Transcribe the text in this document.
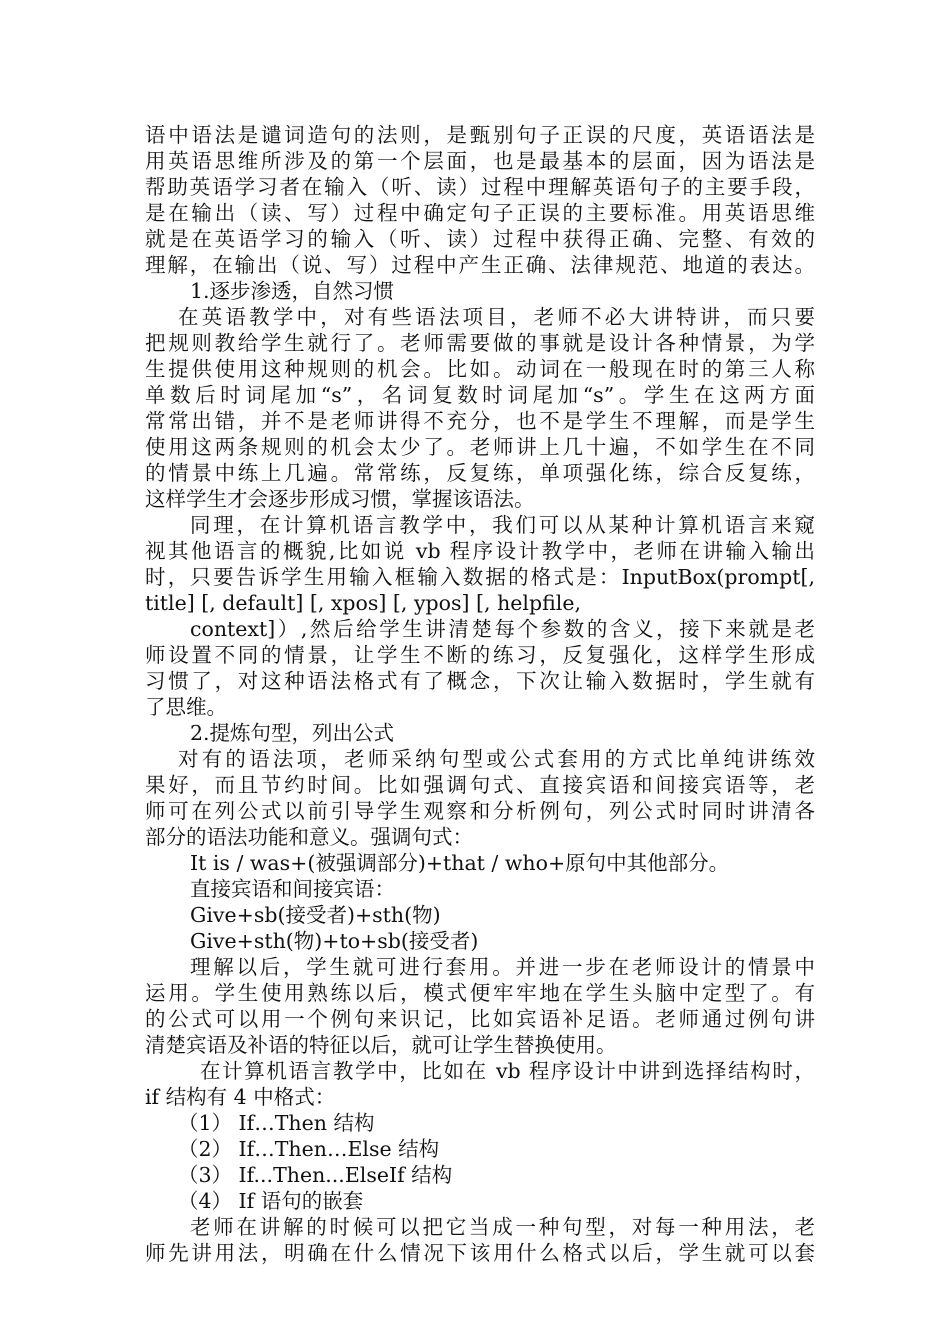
语中语法是谴词造句的法则，是甄别句子正误的尺度，英语语法是
用英语思维所涉及的第一个层面，也是最基本的层面，因为语法是
帮助英语学习者在输入（听、读）过程中理解英语句子的主要手段，
是在输出（读、写）过程中确定句子正误的主要标准。用英语思维
就是在英语学习的输入（听、读）过程中获得正确、完整、有效的
理解，在输出（说、写）过程中产生正确、法律规范、地道的表达。
1.逐步渗透，自然习惯
在英语教学中，对有些语法项目，老师不必大讲特讲，而只要
把规则教给学生就行了。老师需要做的事就是设计各种情景，为学
生提供使用这种规则的机会。比如。动词在一般现在时的第三人称
单数后时词尾加“s”，名词复数时词尾加“s”。学生在这两方面
常常出错，并不是老师讲得不充分，也不是学生不理解，而是学生
使用这两条规则的机会太少了。老师讲上几十遍，不如学生在不同
的情景中练上几遍。常常练，反复练，单项强化练，综合反复练，
这样学生才会逐步形成习惯，掌握该语法。
同理，在计算机语言教学中，我们可以从某种计算机语言来窥
视其他语言的概貌,比如说 vb 程序设计教学中，老师在讲输入输出
时，只要告诉学生用输入框输入数据的格式是：InputBox(prompt[,
title] [, default] [, xpos] [, ypos] [, helpfile,
context]）,然后给学生讲清楚每个参数的含义，接下来就是老
师设置不同的情景，让学生不断的练习，反复强化，这样学生形成
习惯了，对这种语法格式有了概念，下次让输入数据时，学生就有
了思维。
2.提炼句型，列出公式
对有的语法项，老师采纳句型或公式套用的方式比单纯讲练效
果好，而且节约时间。比如强调句式、直接宾语和间接宾语等，老
师可在列公式以前引导学生观察和分析例句，列公式时同时讲清各
部分的语法功能和意义。强调句式：
It is / was+(被强调部分)+that / who+原句中其他部分。
直接宾语和间接宾语：
Give+sb(接受者)+sth(物)
Give+sth(物)+to+sb(接受者)
理解以后，学生就可进行套用。并进一步在老师设计的情景中
运用。学生使用熟练以后，模式便牢牢地在学生头脑中定型了。有
的公式可以用一个例句来识记，比如宾语补足语。老师通过例句讲
清楚宾语及补语的特征以后，就可让学生替换使用。
在计算机语言教学中，比如在 vb 程序设计中讲到选择结构时，
if 结构有 4 中格式：
（1） If…Then 结构
（2） If…Then…Else 结构
（3） If...Then...ElseIf 结构
（4） If 语句的嵌套
老师在讲解的时候可以把它当成一种句型，对每一种用法，老
师先讲用法，明确在什么情况下该用什么格式以后，学生就可以套
